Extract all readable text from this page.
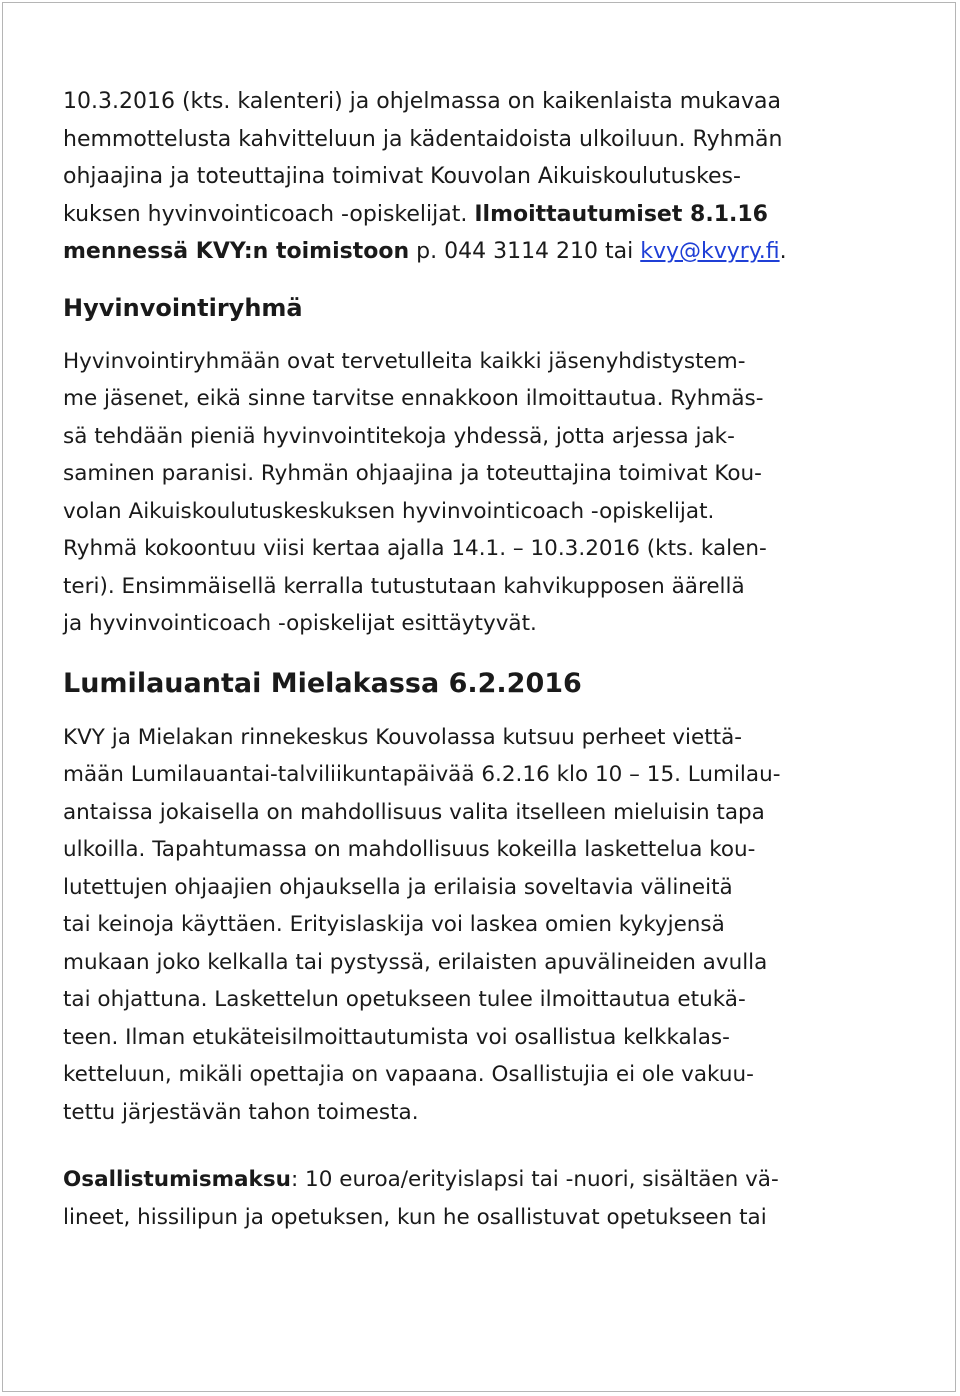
10.3.2016 (kts. kalenteri) ja ohjelmassa on kaikenlaista mukavaa
hemmottelusta kahvitteluun ja kädentaidoista ulkoiluun. Ryhmän
ohjaajina ja toteuttajina toimivat Kouvolan Aikuiskoulutuskes-
kuksen hyvinvointicoach -opiskelijat. Ilmoittautumiset 8.1.16
mennessä KVY:n toimistoon p. 044 3114 210 tai kvy@kvyry.fi.

Hyvinvointiryhmä

Hyvinvointiryhmään ovat tervetulleita kaikki jäsenyhdistystem-
me jäsenet, eikä sinne tarvitse ennakkoon ilmoittautua. Ryhmäs-
sä tehdään pieniä hyvinvointitekoja yhdessä, jotta arjessa jak-
saminen paranisi. Ryhmän ohjaajina ja toteuttajina toimivat Kou-
volan Aikuiskoulutuskeskuksen hyvinvointicoach -opiskelijat.
Ryhmä kokoontuu viisi kertaa ajalla 14.1. – 10.3.2016 (kts. kalen-
teri). Ensimmäisellä kerralla tutustutaan kahvikupposen äärellä
ja hyvinvointicoach -opiskelijat esittäytyvät.

Lumilauantai Mielakassa 6.2.2016

KVY ja Mielakan rinnekeskus Kouvolassa kutsuu perheet viettä-
mään Lumilauantai-talviliikuntapäivää 6.2.16 klo 10 – 15. Lumilau-
antaissa jokaisella on mahdollisuus valita itselleen mieluisin tapa
ulkoilla. Tapahtumassa on mahdollisuus kokeilla laskettelua kou-
lutettujen ohjaajien ohjauksella ja erilaisia soveltavia välineitä
tai keinoja käyttäen. Erityislaskija voi laskea omien kykyjensä
mukaan joko kelkalla tai pystyssä, erilaisten apuvälineiden avulla
tai ohjattuna. Laskettelun opetukseen tulee ilmoittautua etukä-
teen. Ilman etukäteisilmoittautumista voi osallistua kelkkalas-
ketteluun, mikäli opettajia on vapaana. Osallistujia ei ole vakuu-
tettu järjestävän tahon toimesta.

Osallistumismaksu: 10 euroa/erityislapsi tai -nuori, sisältäen vä-
lineet, hissilipun ja opetuksen, kun he osallistuvat opetukseen tai
